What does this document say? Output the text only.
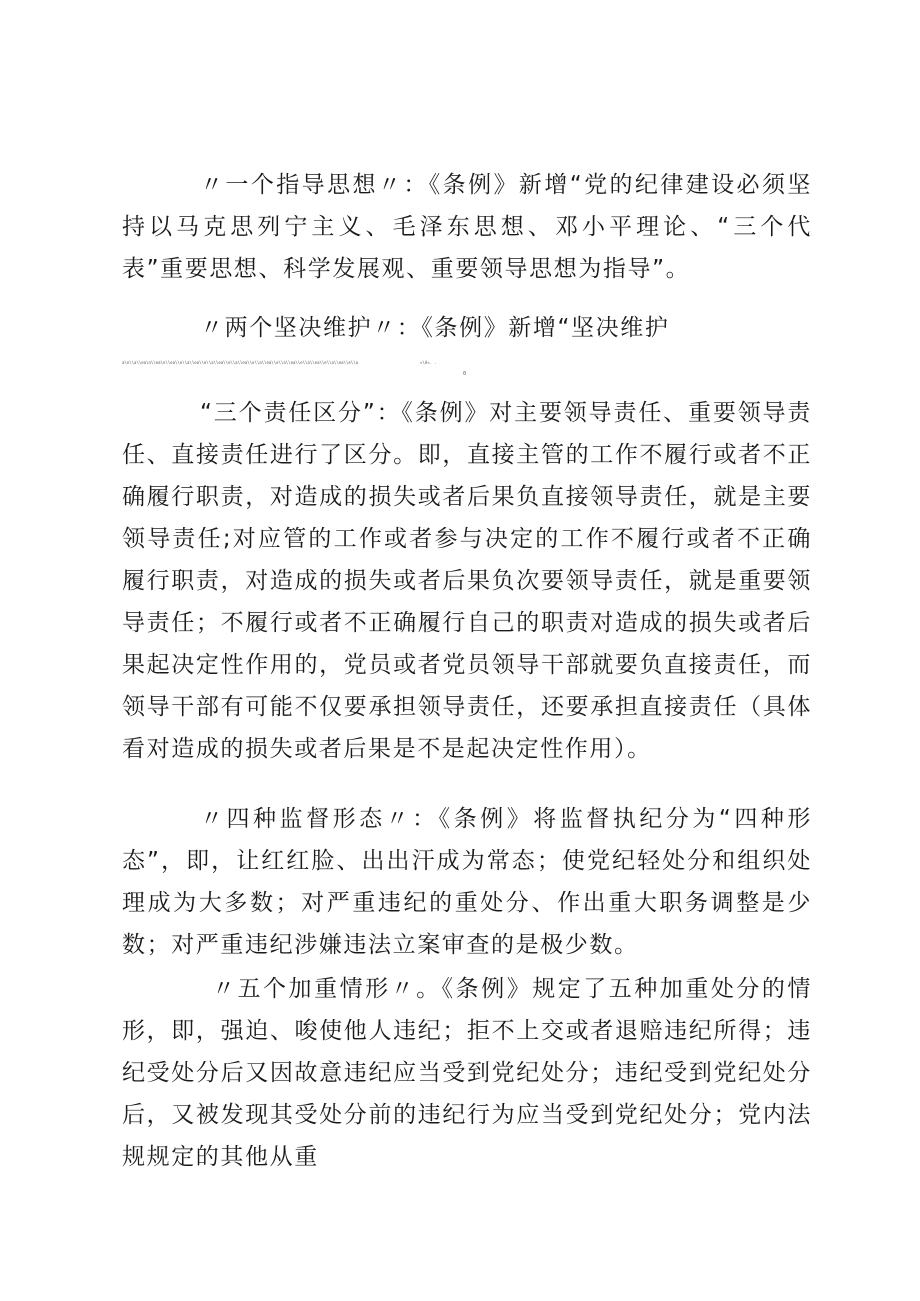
〃一个指导思想〃：《条例》新增“党的纪律建设必须坚持以马克思列宁主义、毛泽东思想、邓小平理论、“三个代表”重要思想、科学发展观、重要领导思想为指导”。

〃两个坚决维护〃：《条例》新增“坚决维护

a\n\\a\\ea\n\\ea\n\\ea\\e\\a\\ea\\e\\a\\ea\\e\\a\\ea\\e\\a\\ea\\e\\a\\ea\\e\\a\\ea\\e\\a\\ea\\e\\a	«\A«. .
0

“三个责任区分”：《条例》对主要领导责任、重要领导责任、直接责任进行了区分。即，直接主管的工作不履行或者不正确履行职责，对造成的损失或者后果负直接领导责任，就是主要领导责任;对应管的工作或者参与决定的工作不履行或者不正确履行职责，对造成的损失或者后果负次要领导责任，就是重要领导责任；不履行或者不正确履行自己的职责对造成的损失或者后果起决定性作用的，党员或者党员领导干部就要负直接责任，而领导干部有可能不仅要承担领导责任，还要承担直接责任（具体看对造成的损失或者后果是不是起决定性作用）。

〃四种监督形态〃：《条例》将监督执纪分为“四种形态”，即，让红红脸、出出汗成为常态；使党纪轻处分和组织处理成为大多数；对严重违纪的重处分、作出重大职务调整是少数；对严重违纪涉嫌违法立案审查的是极少数。

〃五个加重情形〃。《条例》规定了五种加重处分的情形，即，强迫、唆使他人违纪；拒不上交或者退赔违纪所得；违纪受处分后又因故意违纪应当受到党纪处分；违纪受到党纪处分后，又被发现其受处分前的违纪行为应当受到党纪处分；党内法规规定的其他从重
